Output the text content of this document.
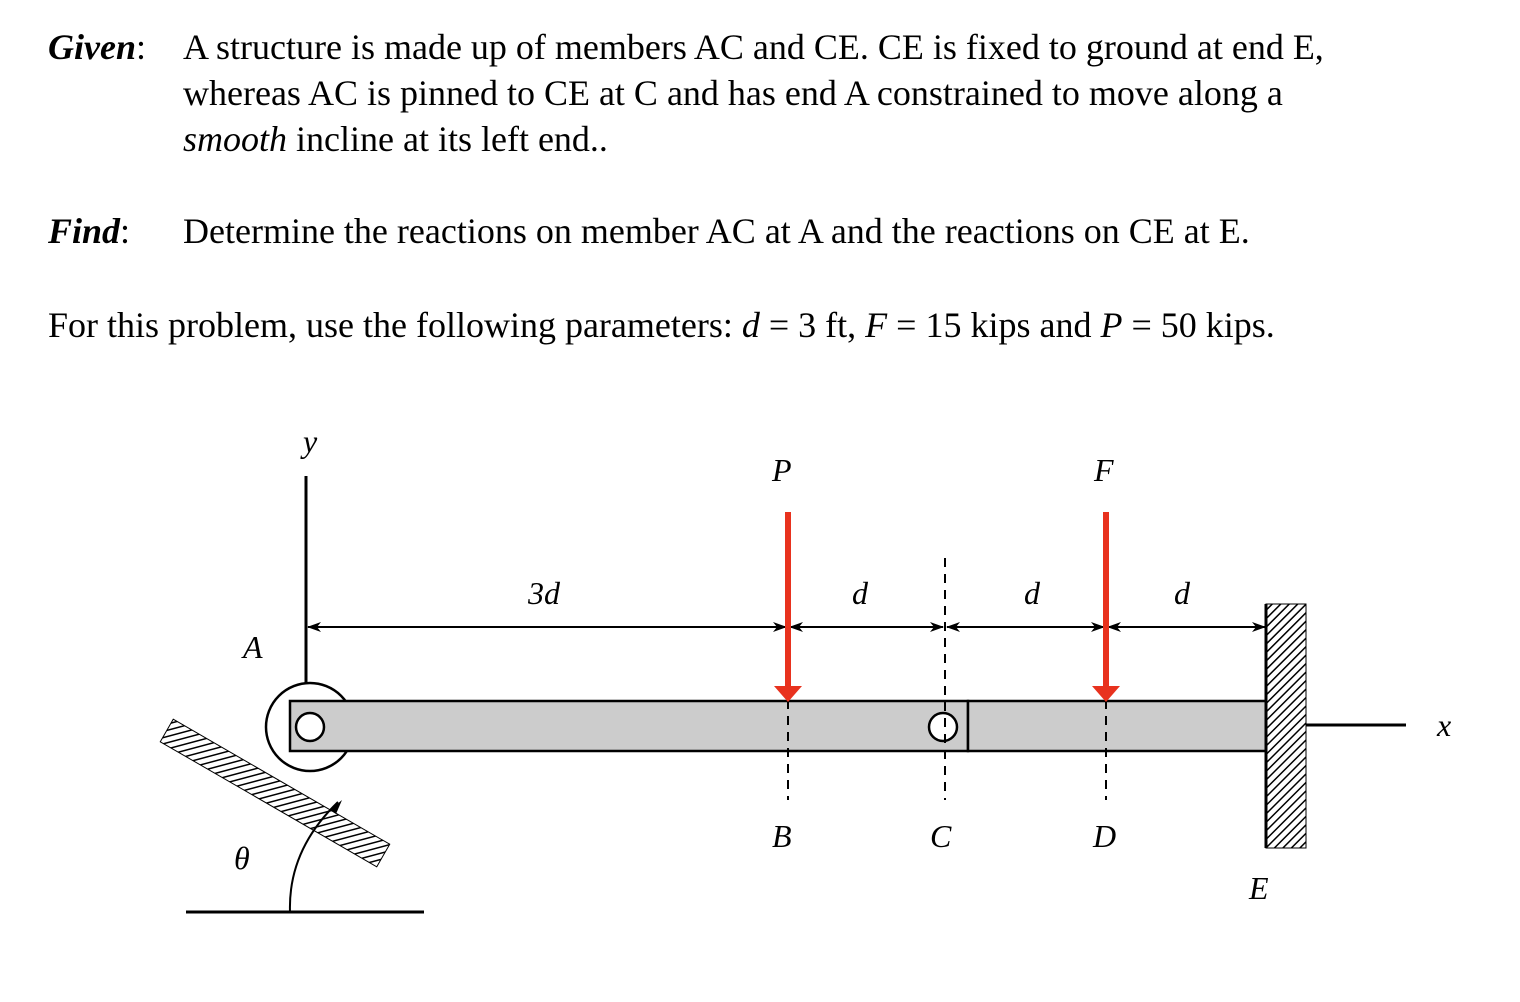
Given: A structure is made up of members AC and CE. CE is fixed to ground at end E,
whereas AC is pinned to CE at C and has end A constrained to move along a
smooth incline at its left end..
Find: Determine the reactions on member AC at A and the reactions on CE at E.
For this problem, use the following parameters: d = 3 ft, F = 15 kips and P = 50 kips.
y
x
P	F
A
B	C	D
E
θ
3d	d	d	d
